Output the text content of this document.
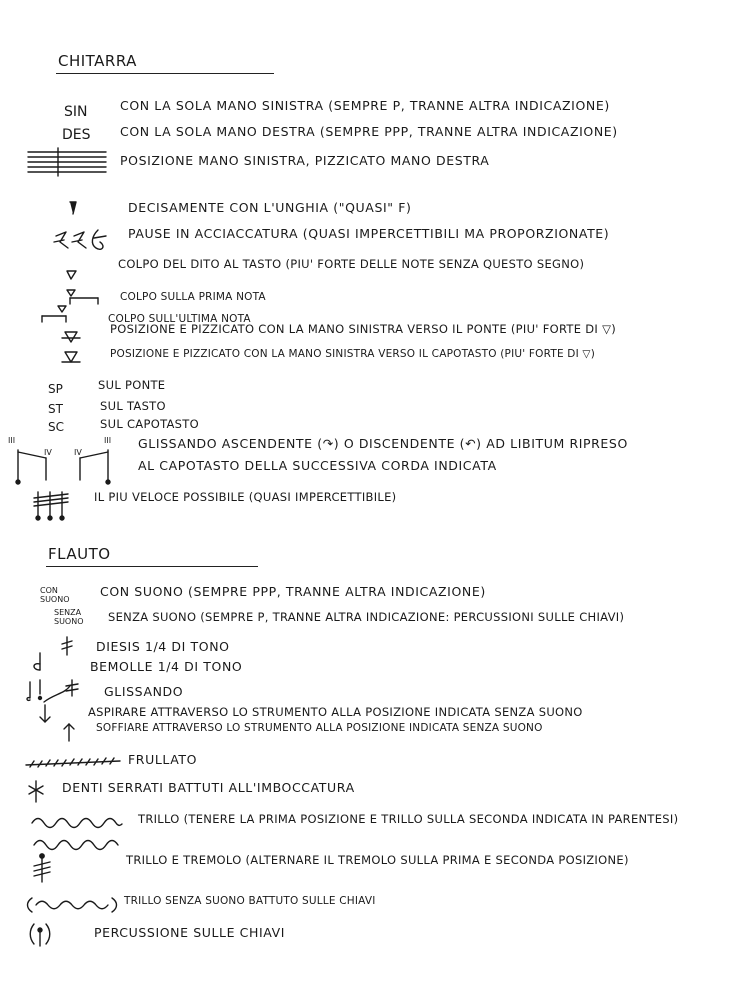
CHITARRA
SIN	CON LA SOLA MANO SINISTRA (SEMPRE P, TRANNE ALTRA INDICAZIONE)
DES CON LA SOLA MANO DESTRA (SEMPRE PPP, TRANNE ALTRA INDICAZIONE)
POSIZIONE MANO SINISTRA, PIZZICATO MANO DESTRA
DECISAMENTE CON L'UNGHIA ("QUASI" F)
PAUSE IN ACCIACCATURA (QUASI IMPERCETTIBILI MA PROPORZIONATE)
COLPO DEL DITO AL TASTO (PIU' FORTE DELLE NOTE SENZA QUESTO SEGNO)
COLPO SULLA PRIMA NOTA
COLPO SULL'ULTIMA NOTA
POSIZIONE E PIZZICATO CON LA MANO SINISTRA VERSO IL PONTE (PIU' FORTE DI ▽)
POSIZIONE E PIZZICATO CON LA MANO SINISTRA VERSO IL CAPOTASTO (PIU' FORTE DI ▽)
SP	SUL PONTE
ST	SUL TASTO
SC	SUL CAPOTASTO
III
IV	IV
III GLISSANDO ASCENDENTE (↷) O DISCENDENTE (↶) AD LIBITUM RIPRESO
AL CAPOTASTO DELLA SUCCESSIVA CORDA INDICATA
IL PIU VELOCE POSSIBILE (QUASI IMPERCETTIBILE)
FLAUTO
CON SUONO
CON SUONO (SEMPRE PPP, TRANNE ALTRA INDICAZIONE)
SENZA SUONO	SENZA SUONO (SEMPRE P, TRANNE ALTRA INDICAZIONE: PERCUSSIONI SULLE CHIAVI)
DIESIS 1/4 DI TONO
BEMOLLE 1/4 DI TONO
GLISSANDO
ASPIRARE ATTRAVERSO LO STRUMENTO ALLA POSIZIONE INDICATA SENZA SUONO
SOFFIARE ATTRAVERSO LO STRUMENTO ALLA POSIZIONE INDICATA SENZA SUONO
FRULLATO
DENTI SERRATI BATTUTI ALL'IMBOCCATURA
TRILLO (TENERE LA PRIMA POSIZIONE E TRILLO SULLA SECONDA INDICATA IN PARENTESI)
TRILLO E TREMOLO (ALTERNARE IL TREMOLO SULLA PRIMA E SECONDA POSIZIONE)
TRILLO SENZA SUONO BATTUTO SULLE CHIAVI
PERCUSSIONE SULLE CHIAVI
